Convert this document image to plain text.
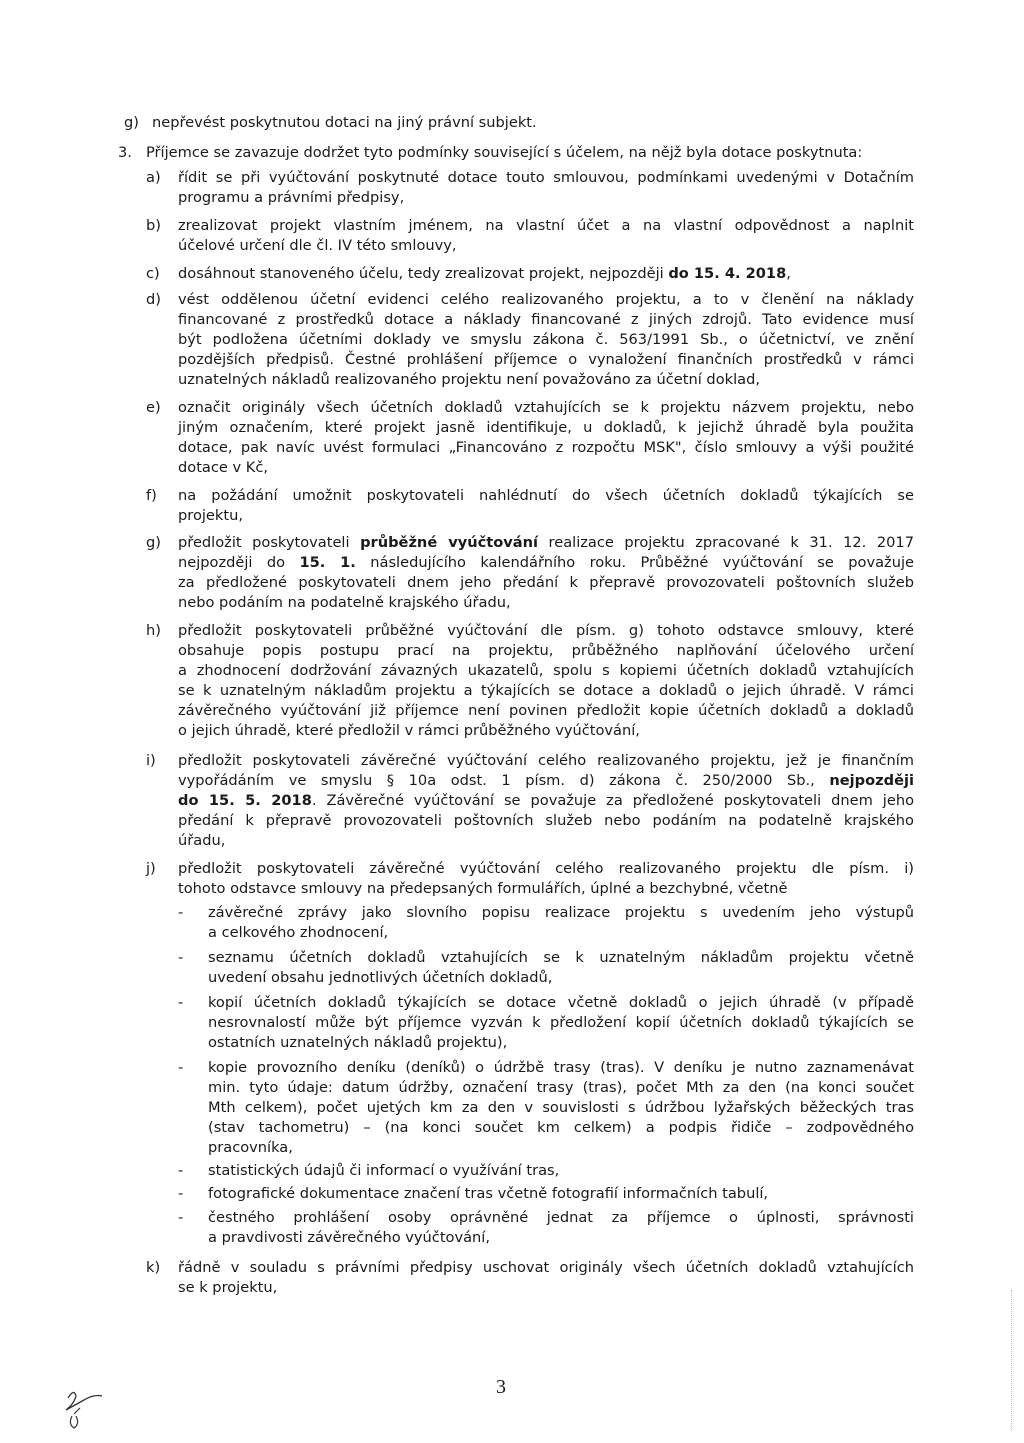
g) nepřevést poskytnutou dotaci na jiný právní subjekt.

3. Příjemce se zavazuje dodržet tyto podmínky související s účelem, na nějž byla dotace poskytnuta:

a) řídit se při vyúčtování poskytnuté dotace touto smlouvou, podmínkami uvedenými v Dotačním

programu a právními předpisy,

b) zrealizovat projekt vlastním jménem, na vlastní účet a na vlastní odpovědnost a naplnit

účelové určení dle čl. IV této smlouvy,

c) dosáhnout stanoveného účelu, tedy zrealizovat projekt, nejpozději do 15. 4. 2018,

d) vést oddělenou účetní evidenci celého realizovaného projektu, a to v členění na náklady

financované z prostředků dotace a náklady financované z jiných zdrojů. Tato evidence musí

být podložena účetními doklady ve smyslu zákona č. 563/1991 Sb., o účetnictví, ve znění

pozdějších předpisů. Čestné prohlášení příjemce o vynaložení finančních prostředků v rámci

uznatelných nákladů realizovaného projektu není považováno za účetní doklad,

e) označit originály všech účetních dokladů vztahujících se k projektu názvem projektu, nebo

jiným označením, které projekt jasně identifikuje, u dokladů, k jejichž úhradě byla použita

dotace, pak navíc uvést formulaci „Financováno z rozpočtu MSK", číslo smlouvy a výši použité

dotace v Kč,

f) na požádání umožnit poskytovateli nahlédnutí do všech účetních dokladů týkajících se

projektu,

g) předložit poskytovateli průběžné vyúčtování realizace projektu zpracované k 31. 12. 2017

nejpozději do 15. 1. následujícího kalendářního roku. Průběžné vyúčtování se považuje

za předložené poskytovateli dnem jeho předání k přepravě provozovateli poštovních služeb

nebo podáním na podatelně krajského úřadu,

h) předložit poskytovateli průběžné vyúčtování dle písm. g) tohoto odstavce smlouvy, které

obsahuje popis postupu prací na projektu, průběžného naplňování účelového určení

a zhodnocení dodržování závazných ukazatelů, spolu s kopiemi účetních dokladů vztahujících

se k uznatelným nákladům projektu a týkajících se dotace a dokladů o jejich úhradě. V rámci

závěrečného vyúčtování již příjemce není povinen předložit kopie účetních dokladů a dokladů

o jejich úhradě, které předložil v rámci průběžného vyúčtování,

i) předložit poskytovateli závěrečné vyúčtování celého realizovaného projektu, jež je finančním

vypořádáním ve smyslu § 10a odst. 1 písm. d) zákona č. 250/2000 Sb., nejpozději

do 15. 5. 2018. Závěrečné vyúčtování se považuje za předložené poskytovateli dnem jeho

předání k přepravě provozovateli poštovních služeb nebo podáním na podatelně krajského

úřadu,

j) předložit poskytovateli závěrečné vyúčtování celého realizovaného projektu dle písm. i)

tohoto odstavce smlouvy na předepsaných formulářích, úplné a bezchybné, včetně

- závěrečné zprávy jako slovního popisu realizace projektu s uvedením jeho výstupů

a celkového zhodnocení,

- seznamu účetních dokladů vztahujících se k uznatelným nákladům projektu včetně

uvedení obsahu jednotlivých účetních dokladů,

- kopií účetních dokladů týkajících se dotace včetně dokladů o jejich úhradě (v případě

nesrovnalostí může být příjemce vyzván k předložení kopií účetních dokladů týkajících se

ostatních uznatelných nákladů projektu),

- kopie provozního deníku (deníků) o údržbě trasy (tras). V deníku je nutno zaznamenávat

min. tyto údaje: datum údržby, označení trasy (tras), počet Mth za den (na konci součet

Mth celkem), počet ujetých km za den v souvislosti s údržbou lyžařských běžeckých tras

(stav tachometru) – (na konci součet km celkem) a podpis řidiče – zodpovědného

pracovníka,

- statistických údajů či informací o využívání tras,

- fotografické dokumentace značení tras včetně fotografií informačních tabulí,

- čestného prohlášení osoby oprávněné jednat za příjemce o úplnosti, správnosti

a pravdivosti závěrečného vyúčtování,

k) řádně v souladu s právními předpisy uschovat originály všech účetních dokladů vztahujících

se k projektu,

3
